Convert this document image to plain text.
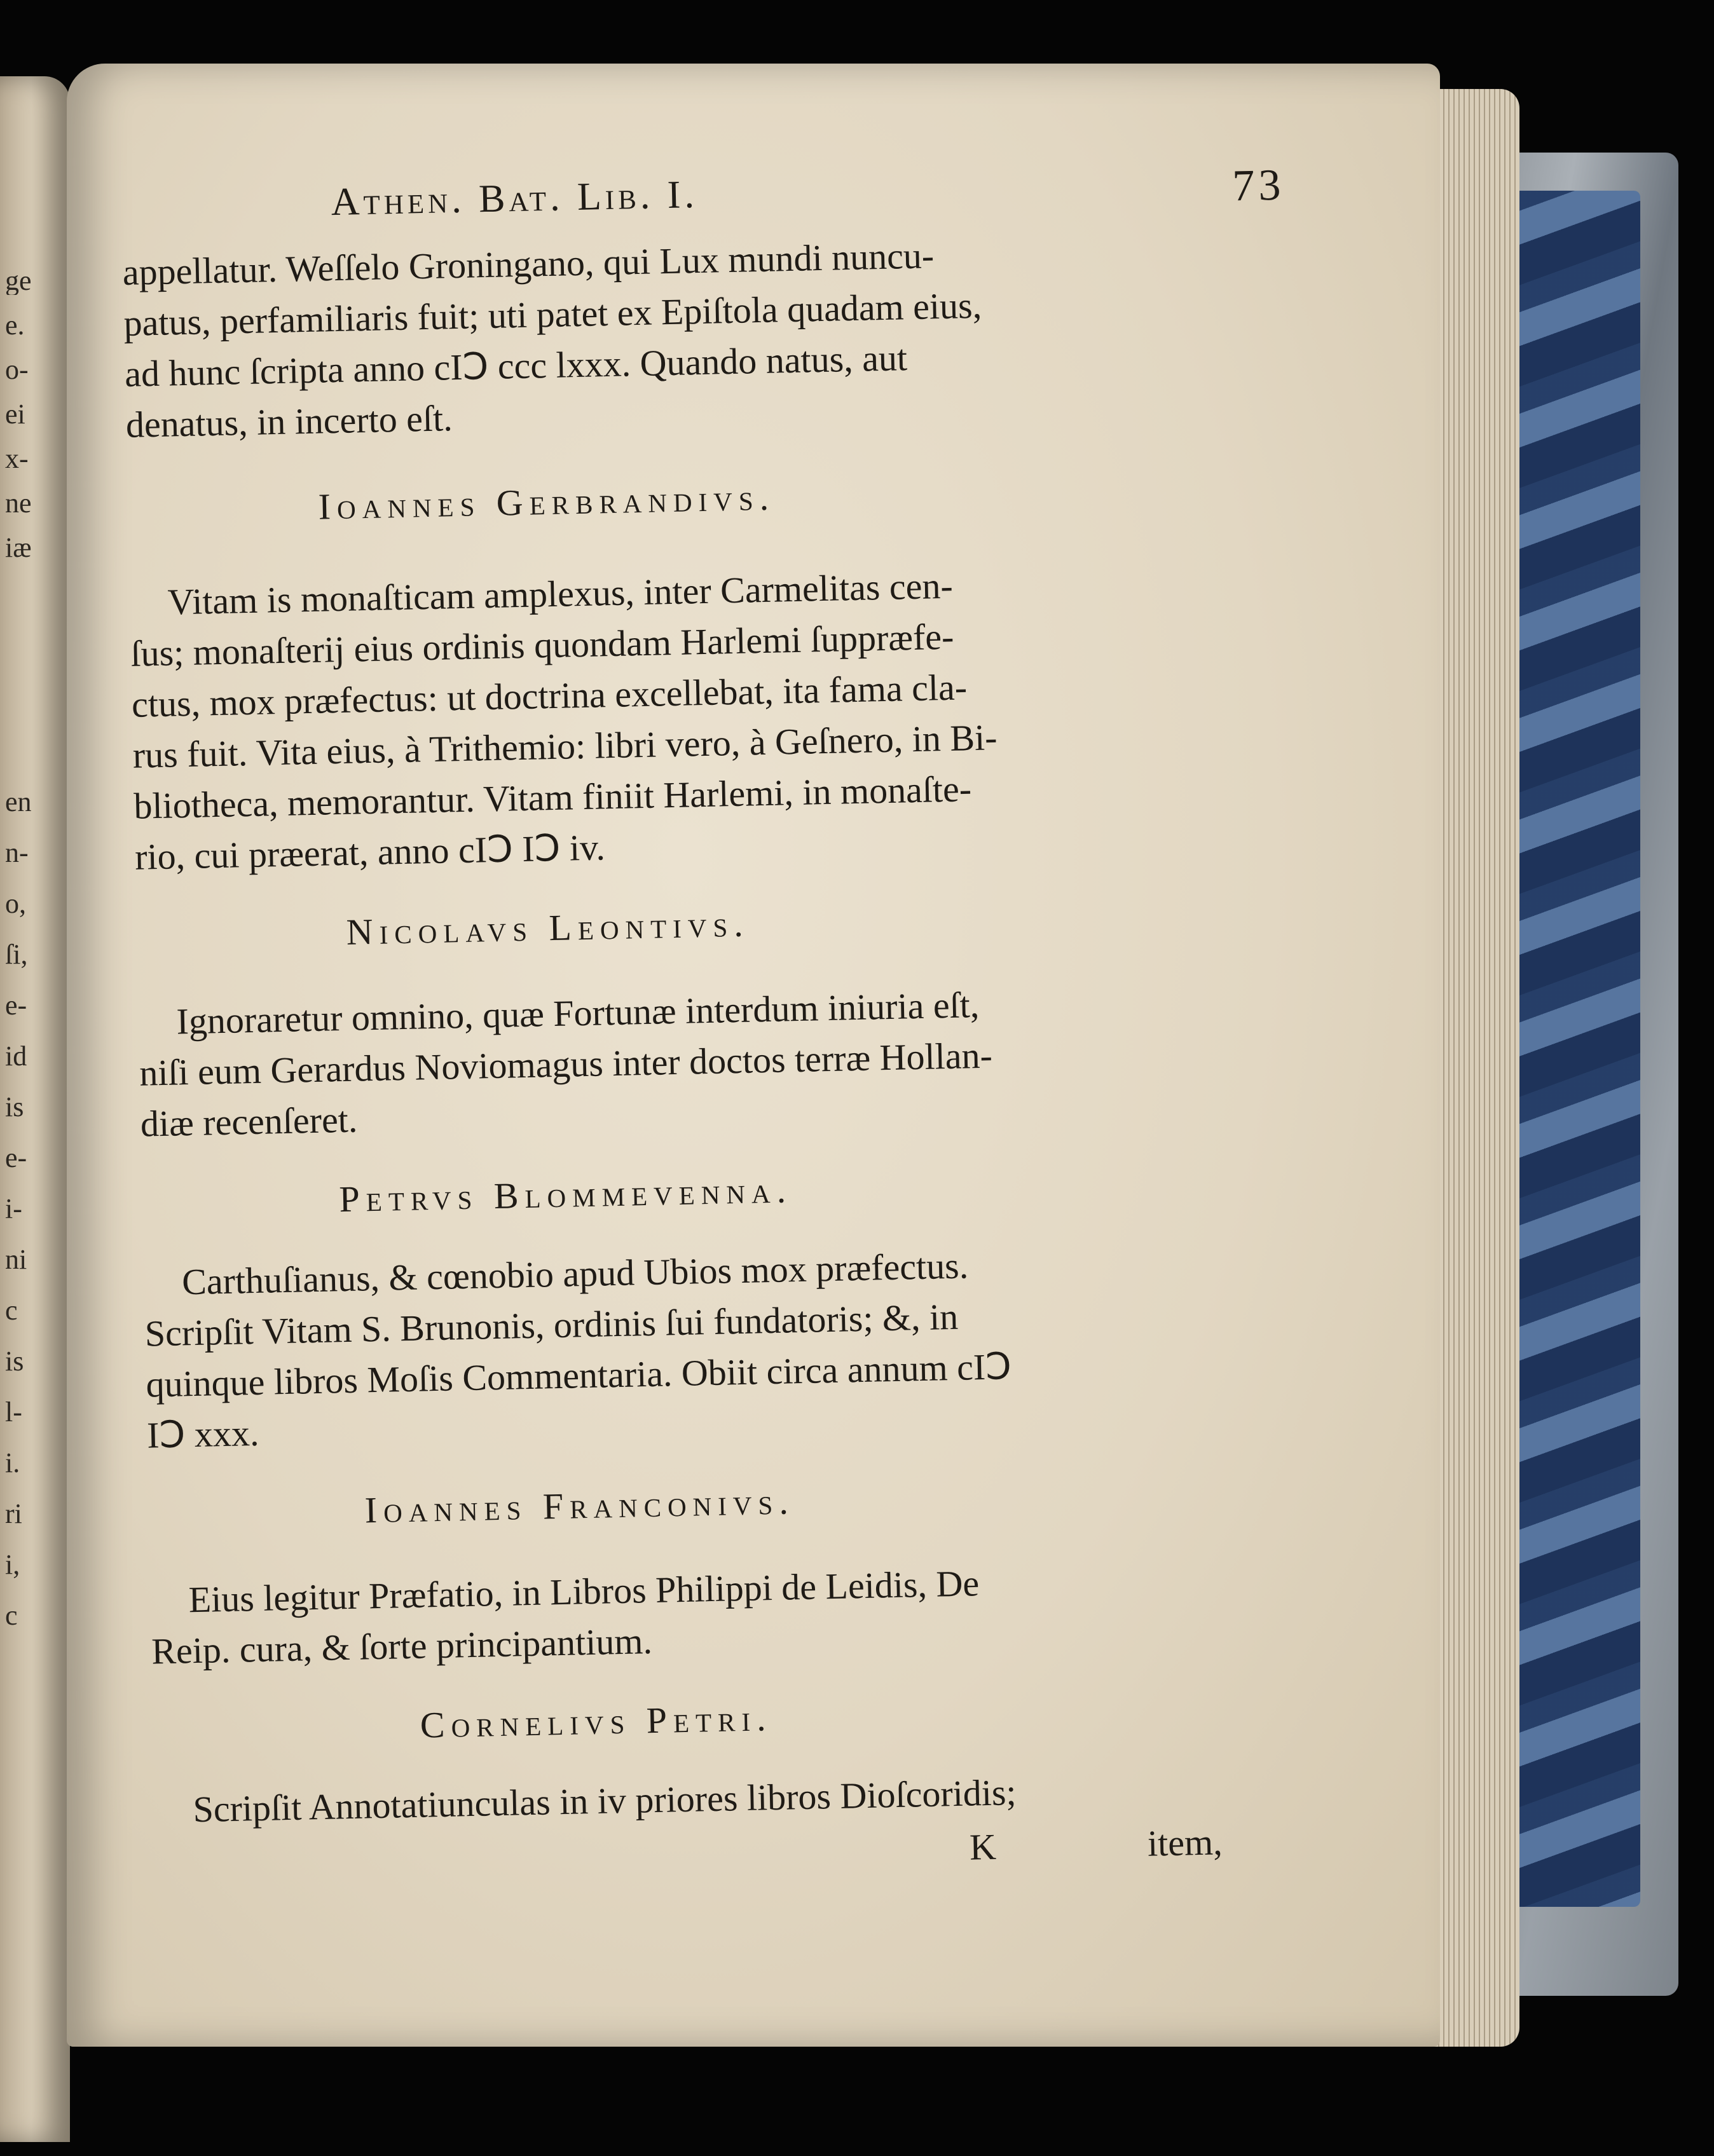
ge
e.
o-
ei
x-
ne
iæ
en
n-
o,
ſi,
e-
id
is
e-
i-
ni
c
is
l-
i.
ri
i,
c
Athen. Bat. Lib. I.	73
appellatur. Weſſelo Groningano, qui Lux mundi nuncu-
patus, perfamiliaris fuit; uti patet ex Epiſtola quadam eius,
ad hunc ſcripta anno cIↃ ccc lxxx. Quando natus, aut
denatus, in incerto eſt.
Ioannes Gerbrandivs.
Vitam is monaſticam amplexus, inter Carmelitas cen-
ſus; monaſterij eius ordinis quondam Harlemi ſuppræfe-
ctus, mox præfectus: ut doctrina excellebat, ita fama cla-
rus fuit. Vita eius, à Trithemio: libri vero, à Geſnero, in Bi-
bliotheca, memorantur. Vitam finiit Harlemi, in monaſte-
rio, cui præerat, anno cIↃ IↃ iv.
Nicolavs Leontivs.
Ignoraretur omnino, quæ Fortunæ interdum iniuria eſt,
niſi eum Gerardus Noviomagus inter doctos terræ Hollan-
diæ recenſeret.
Petrvs Blommevenna.
Carthuſianus, & cœnobio apud Ubios mox præfectus.
Scripſit Vitam S. Brunonis, ordinis ſui fundatoris; &, in
quinque libros Moſis Commentaria. Obiit circa annum cIↃ
IↃ xxx.
Ioannes Franconivs.
Eius legitur Præfatio, in Libros Philippi de Leidis, De
Reip. cura, & ſorte principantium.
Cornelivs Petri.
Scripſit Annotatiunculas in iv priores libros Dioſcoridis;
K	item,
